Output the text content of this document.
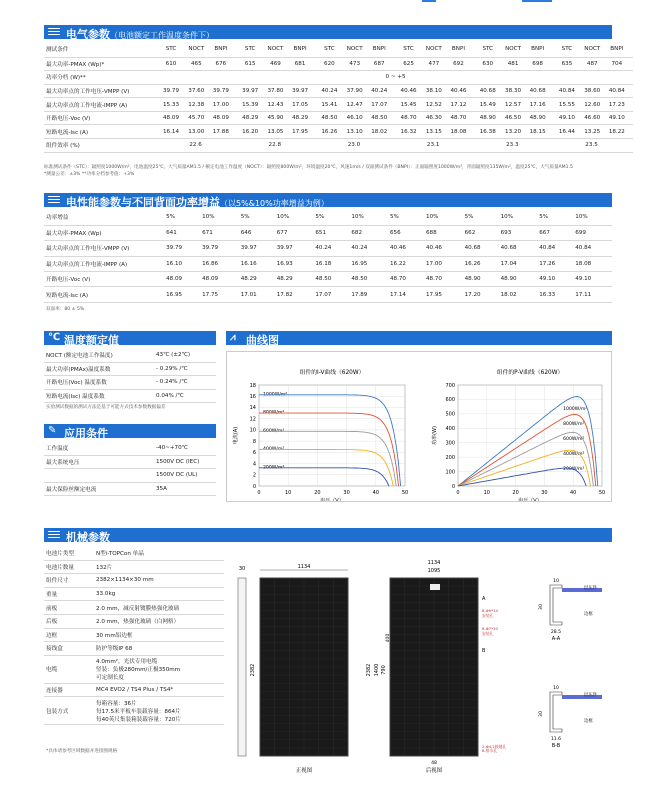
电气参数（电池额定工作温度条件下）
测试条件	STC	NOCT	BNPI		STC	NOCT	BNPI		STC	NOCT	BNPI		STC	NOCT	BNPI		STC	NOCT	BNPI		STC	NOCT	BNPI	
最大功率-PMAX (Wp)*	610	465	676		615	469	681		620	473	687		625	477	692		630	481	698		635	487	704	
功率分档 (W)**	0 ~ +5																							
最大功率点的工作电压-VMPP (V)	39.79	37.60	39.79		39.97	37.80	39.97		40.24	37.90	40.24		40.46	38.10	40.46		40.68	38.30	40.68		40.84	38.60	40.84	
最大功率点的工作电流-IMPP (A)	15.33	12.38	17.00		15.39	12.43	17.05		15.41	12.47	17.07		15.45	12.52	17.12		15.49	12.57	17.16		15.55	12.60	17.23	
开路电压-Voc (V)	48.09	45.70	48.09		48.29	45.90	48.29		48.50	46.10	48.50		48.70	46.30	48.70		48.90	46.50	48.90		49.10	46.60	49.10	
短路电流-Isc (A)	16.14	13.00	17.88		16.20	13.05	17.95		16.26	13.10	18.02		16.32	13.15	18.08		16.38	13.20	18.15		16.44	13.25	18.22	
组件效率 (%)	22.6				22.8				23.0				23.1				23.3				23.5			
标准测试条件（STC）：辐照度1000W/m²，电池温度25℃，大气质量AM1.5 / 额定电池工作温度（NOCT）：辐照度800W/m²，环境温度20℃，风速1m/s / 双面测试条件（BNPI）：正面辐照度1000W/m²，背面辐照度135W/m²，温度25℃，大气质量AM1.5
*测量公差：±3% **功率分档参考值：+3%
电性能参数与不同背面功率增益（以5%&10%功率增益为例）
功率增益	5%	10%	5%	10%	5%	10%	5%	10%	5%	10%	5%	10%
最大功率-PMAX (Wp)	641	671	646	677	651	682	656	688	662	693	667	699
最大功率点的工作电压-VMPP (V)	39.79	39.79	39.97	39.97	40.24	40.24	40.46	40.46	40.68	40.68	40.84	40.84
最大功率点的工作电流-IMPP (A)	16.10	16.86	16.16	16.93	16.18	16.95	16.22	17.00	16.26	17.04	17.26	18.08
开路电压-Voc (V)	48.09	48.09	48.29	48.29	48.50	48.50	48.70	48.70	48.90	48.90	49.10	49.10
短路电流-Isc (A)	16.95	17.75	17.01	17.82	17.07	17.89	17.14	17.95	17.20	18.02	16.33	17.11
双面率：80 ± 5%
℃ 温度额定值
NOCT (额定电池工作温度)	43℃ (±2℃)
最大功率(PMAx)温度系数	- 0.29% /℃
开路电压(Voc) 温度系数	- 0.24% /℃
短路电流(Isc) 温度系数	0.04% /℃
实验测试数据的测试方法是基于可能方式技术参数数据偏差
✎ 应用条件
工作温度	-40~+70℃
最大系统电压	1500V DC (IEC)
	1500V DC (UL)
最大保险丝额定电流	35A
⩘ 曲线图
组件的I-V曲线（620W）
0
2
4
6
8
10
12
14
16
18
0	10	20	30	40	50
电压（V）
电流(A)
1000W/m²
800W/m²
600W/m²
400W/m²
200W/m²
组件的P-V曲线（620W）
0
100
200
300
400
500
600
700
0	10	20	30	40	50
电压（V）
功率(W)
1000W/m²
800W/m²
600W/m²
400W/m²
200W/m²
机械参数
电池片类型	N型i-TOPCon 单晶

电池片数量	132片

组件尺寸	2382×1134×30 mm

重量	33.0kg

前板	2.0 mm，减反射镀膜热强化玻璃

后板	2.0 mm，热强化玻璃（白网格）

边框	30 mm铝边框

接线盒	防护等级IP 68

电缆	4.0mm²，光伏专用电缆
竖装：负极280mm/正极350mm
可定制长度

连接器	MC4 EVO2 / TS4 Plus / TS4*

包装方式	每箱容量：36片
每17.5米平板车装载容量：864片
每40英尺集装箱装载容量：720片
*具体请参考区域数据并进接图规格
1134
30
2382
正视图
1134
1095
2382 1400 790
400
A
B
8-Φ9*14
安装孔
8-Φ7*10
安装孔
2-Φ4.2接地孔
8-排水孔
48
后视图
10
30
28.5
层压件
边框
A-A
10
30
11.6
层压件
边框
B-B
